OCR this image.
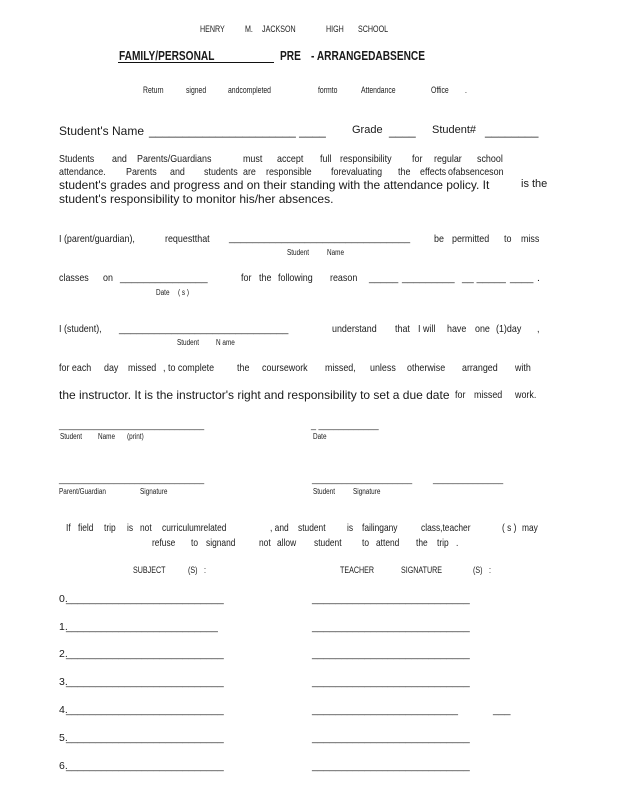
HENRY M. JACKSON	HIGH SCHOOL
FAMILY/PERSONAL	PRE - ARRANGEDABSENCE
Return signed andcompleted	formto Attendance	Office .
Student's Name ______________________ ____ Grade ____ Student# ________
Students and Parents/Guardians	must accept full responsibility for regular school
attendance. Parents and students are responsible forevaluating the effects ofabsenceson
student's grades and progress and on their standing with the attendance policy. It	is the
student's responsibility to monitor his/her absences.
I (parent/guardian),	requestthat _______________________________
Student Name
be permitted to miss
classes on _______________
Date ( s )
for the following reason _____ _________ __ _____ ____ .
I (student), _____________________________
Student N ame
understand that I will have one (1)day ,
for each day missed , to complete the coursework missed, unless otherwise arranged with
the instructor. It is the instructor's right and responsibility to set a due date for missed work.
_____________________________
Student Name (print)
_ ____________
Date
_____________________________
Parent/Guardian	Signature
____________________ ______________
Student Signature
If field trip is not curriculumrelated	, and student is failingany class,teacher	( s ) may
refuse to signand not allow student to attend the trip .
SUBJECT (S) :	TEACHER	SIGNATURE	(S) :
0.
___________________________	___________________________
1.
__________________________	___________________________
2.
___________________________	___________________________
3.
___________________________	___________________________
4.
___________________________	_________________________	___
5.
___________________________	___________________________
6.
___________________________	___________________________
